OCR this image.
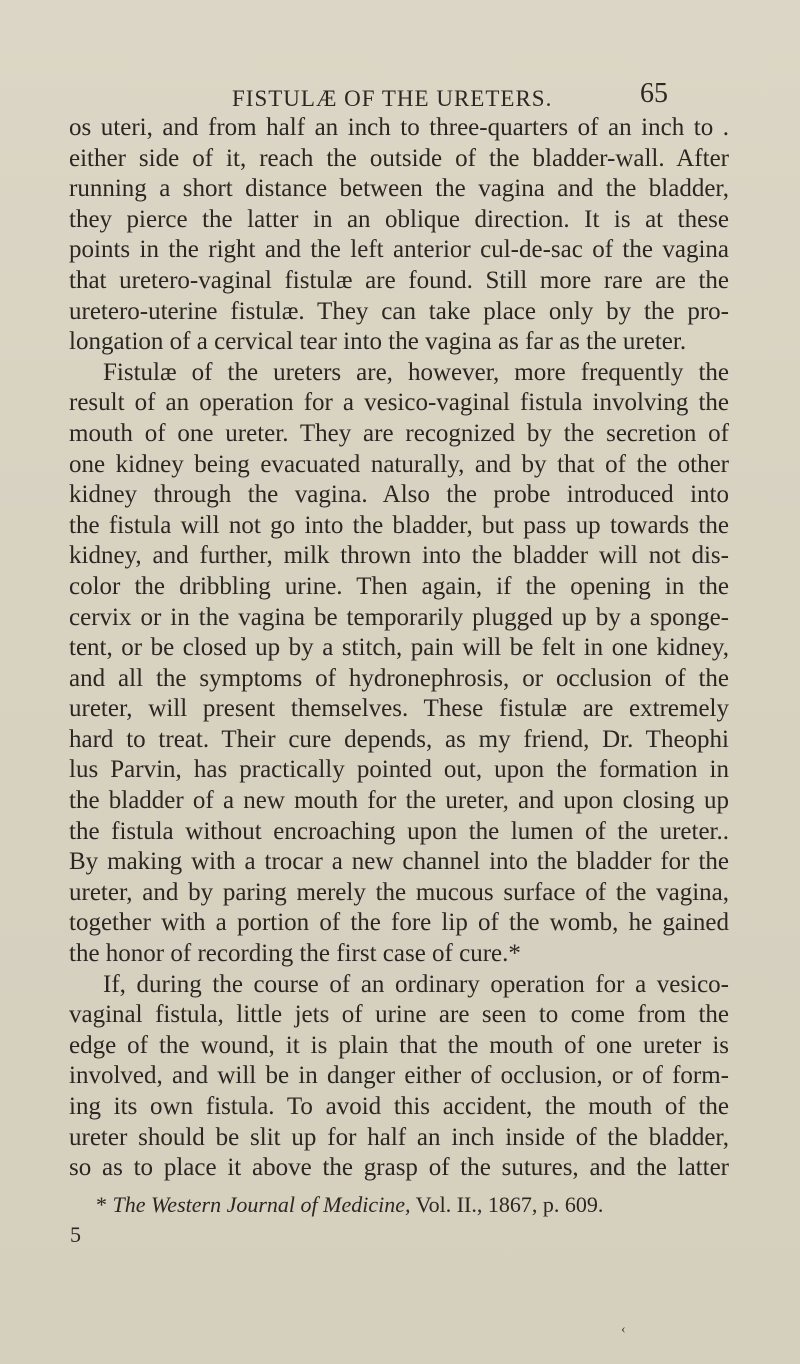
FISTULÆ OF THE URETERS.	65
os uteri, and from half an inch to three-quarters of an inch to .
either side of it, reach the outside of the bladder-wall. After
running a short distance between the vagina and the bladder,
they pierce the latter in an oblique direction. It is at these
points in the right and the left anterior cul-de-sac of the vagina
that uretero-vaginal fistulæ are found. Still more rare are the
uretero-uterine fistulæ. They can take place only by the pro-
longation of a cervical tear into the vagina as far as the ureter.
Fistulæ of the ureters are, however, more frequently the
result of an operation for a vesico-vaginal fistula involving the
mouth of one ureter. They are recognized by the secretion of
one kidney being evacuated naturally, and by that of the other
kidney through the vagina. Also the probe introduced into
the fistula will not go into the bladder, but pass up towards the
kidney, and further, milk thrown into the bladder will not dis-
color the dribbling urine. Then again, if the opening in the
cervix or in the vagina be temporarily plugged up by a sponge-
tent, or be closed up by a stitch, pain will be felt in one kidney,
and all the symptoms of hydronephrosis, or occlusion of the
ureter, will present themselves. These fistulæ are extremely
hard to treat. Their cure depends, as my friend, Dr. Theophi
lus Parvin, has practically pointed out, upon the formation in
the bladder of a new mouth for the ureter, and upon closing up
the fistula without encroaching upon the lumen of the ureter..
By making with a trocar a new channel into the bladder for the
ureter, and by paring merely the mucous surface of the vagina,
together with a portion of the fore lip of the womb, he gained
the honor of recording the first case of cure.*
If, during the course of an ordinary operation for a vesico-
vaginal fistula, little jets of urine are seen to come from the
edge of the wound, it is plain that the mouth of one ureter is
involved, and will be in danger either of occlusion, or of form-
ing its own fistula. To avoid this accident, the mouth of the
ureter should be slit up for half an inch inside of the bladder,
so as to place it above the grasp of the sutures, and the latter
* The Western Journal of Medicine, Vol. II., 1867, p. 609.
5
‹
